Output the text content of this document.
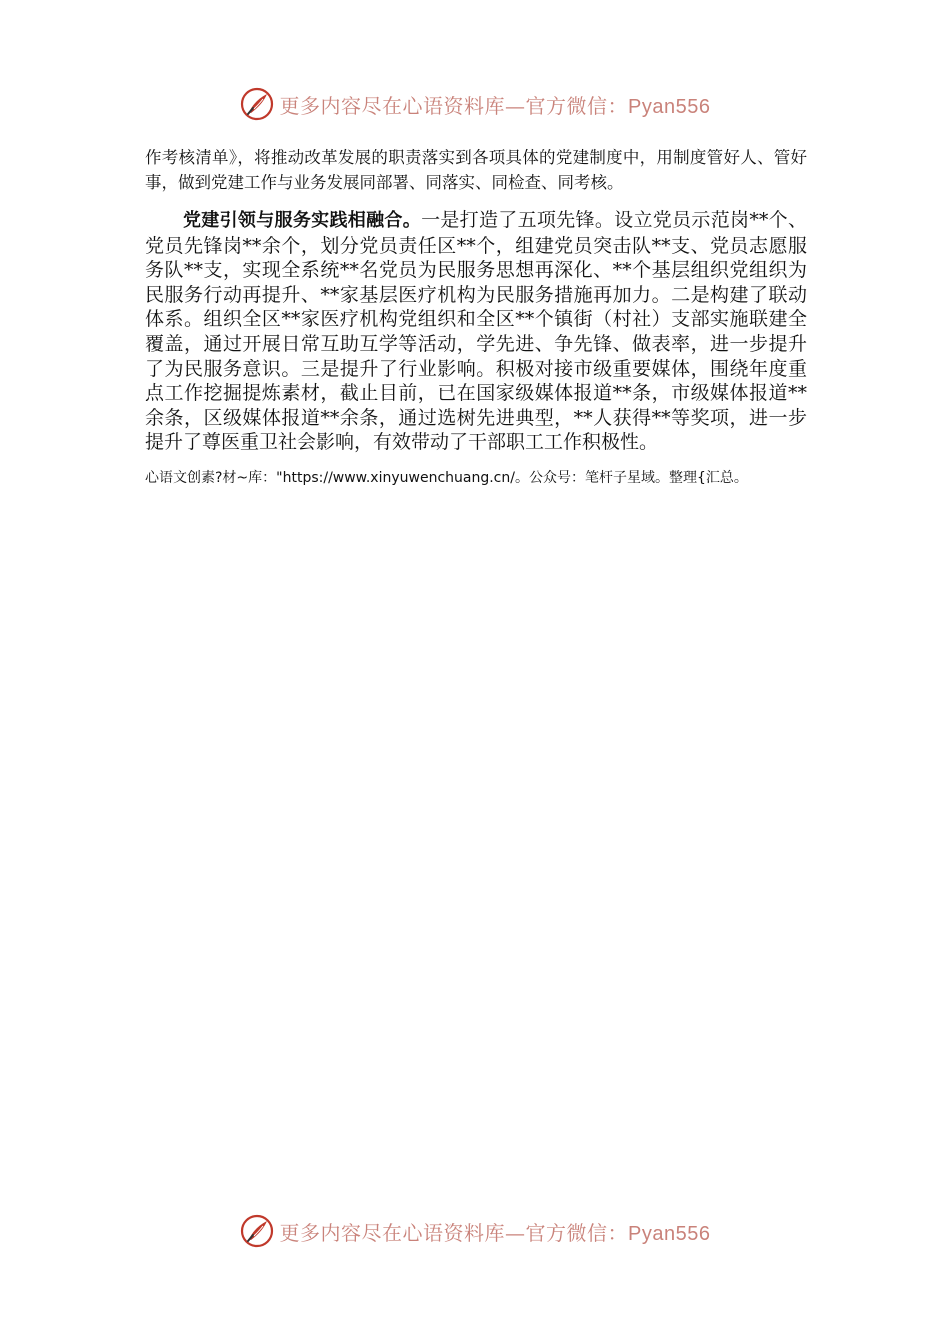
更多内容尽在心语资料库—官方微信：Pyan556

作考核清单》，将推动改革发展的职责落实到各项具体的党建制度中，用制度管好人、管好事，做到党建工作与业务发展同部署、同落实、同检查、同考核。

党建引领与服务实践相融合。一是打造了五项先锋。设立党员示范岗**个、党员先锋岗**余个，划分党员责任区**个，组建党员突击队**支、党员志愿服务队**支，实现全系统**名党员为民服务思想再深化、**个基层组织党组织为民服务行动再提升、**家基层医疗机构为民服务措施再加力。二是构建了联动体系。组织全区**家医疗机构党组织和全区**个镇街（村社）支部实施联建全覆盖，通过开展日常互助互学等活动，学先进、争先锋、做表率，进一步提升了为民服务意识。三是提升了行业影响。积极对接市级重要媒体，围绕年度重点工作挖掘提炼素材，截止目前，已在国家级媒体报道**条，市级媒体报道**余条，区级媒体报道**余条，通过选树先进典型，**人获得**等奖项，进一步提升了尊医重卫社会影响，有效带动了干部职工工作积极性。

心语文创素?材~库："https://www.xinyuwenchuang.cn/。公众号：笔杆子星域。整理{汇总。
更多内容尽在心语资料库—官方微信：Pyan556
